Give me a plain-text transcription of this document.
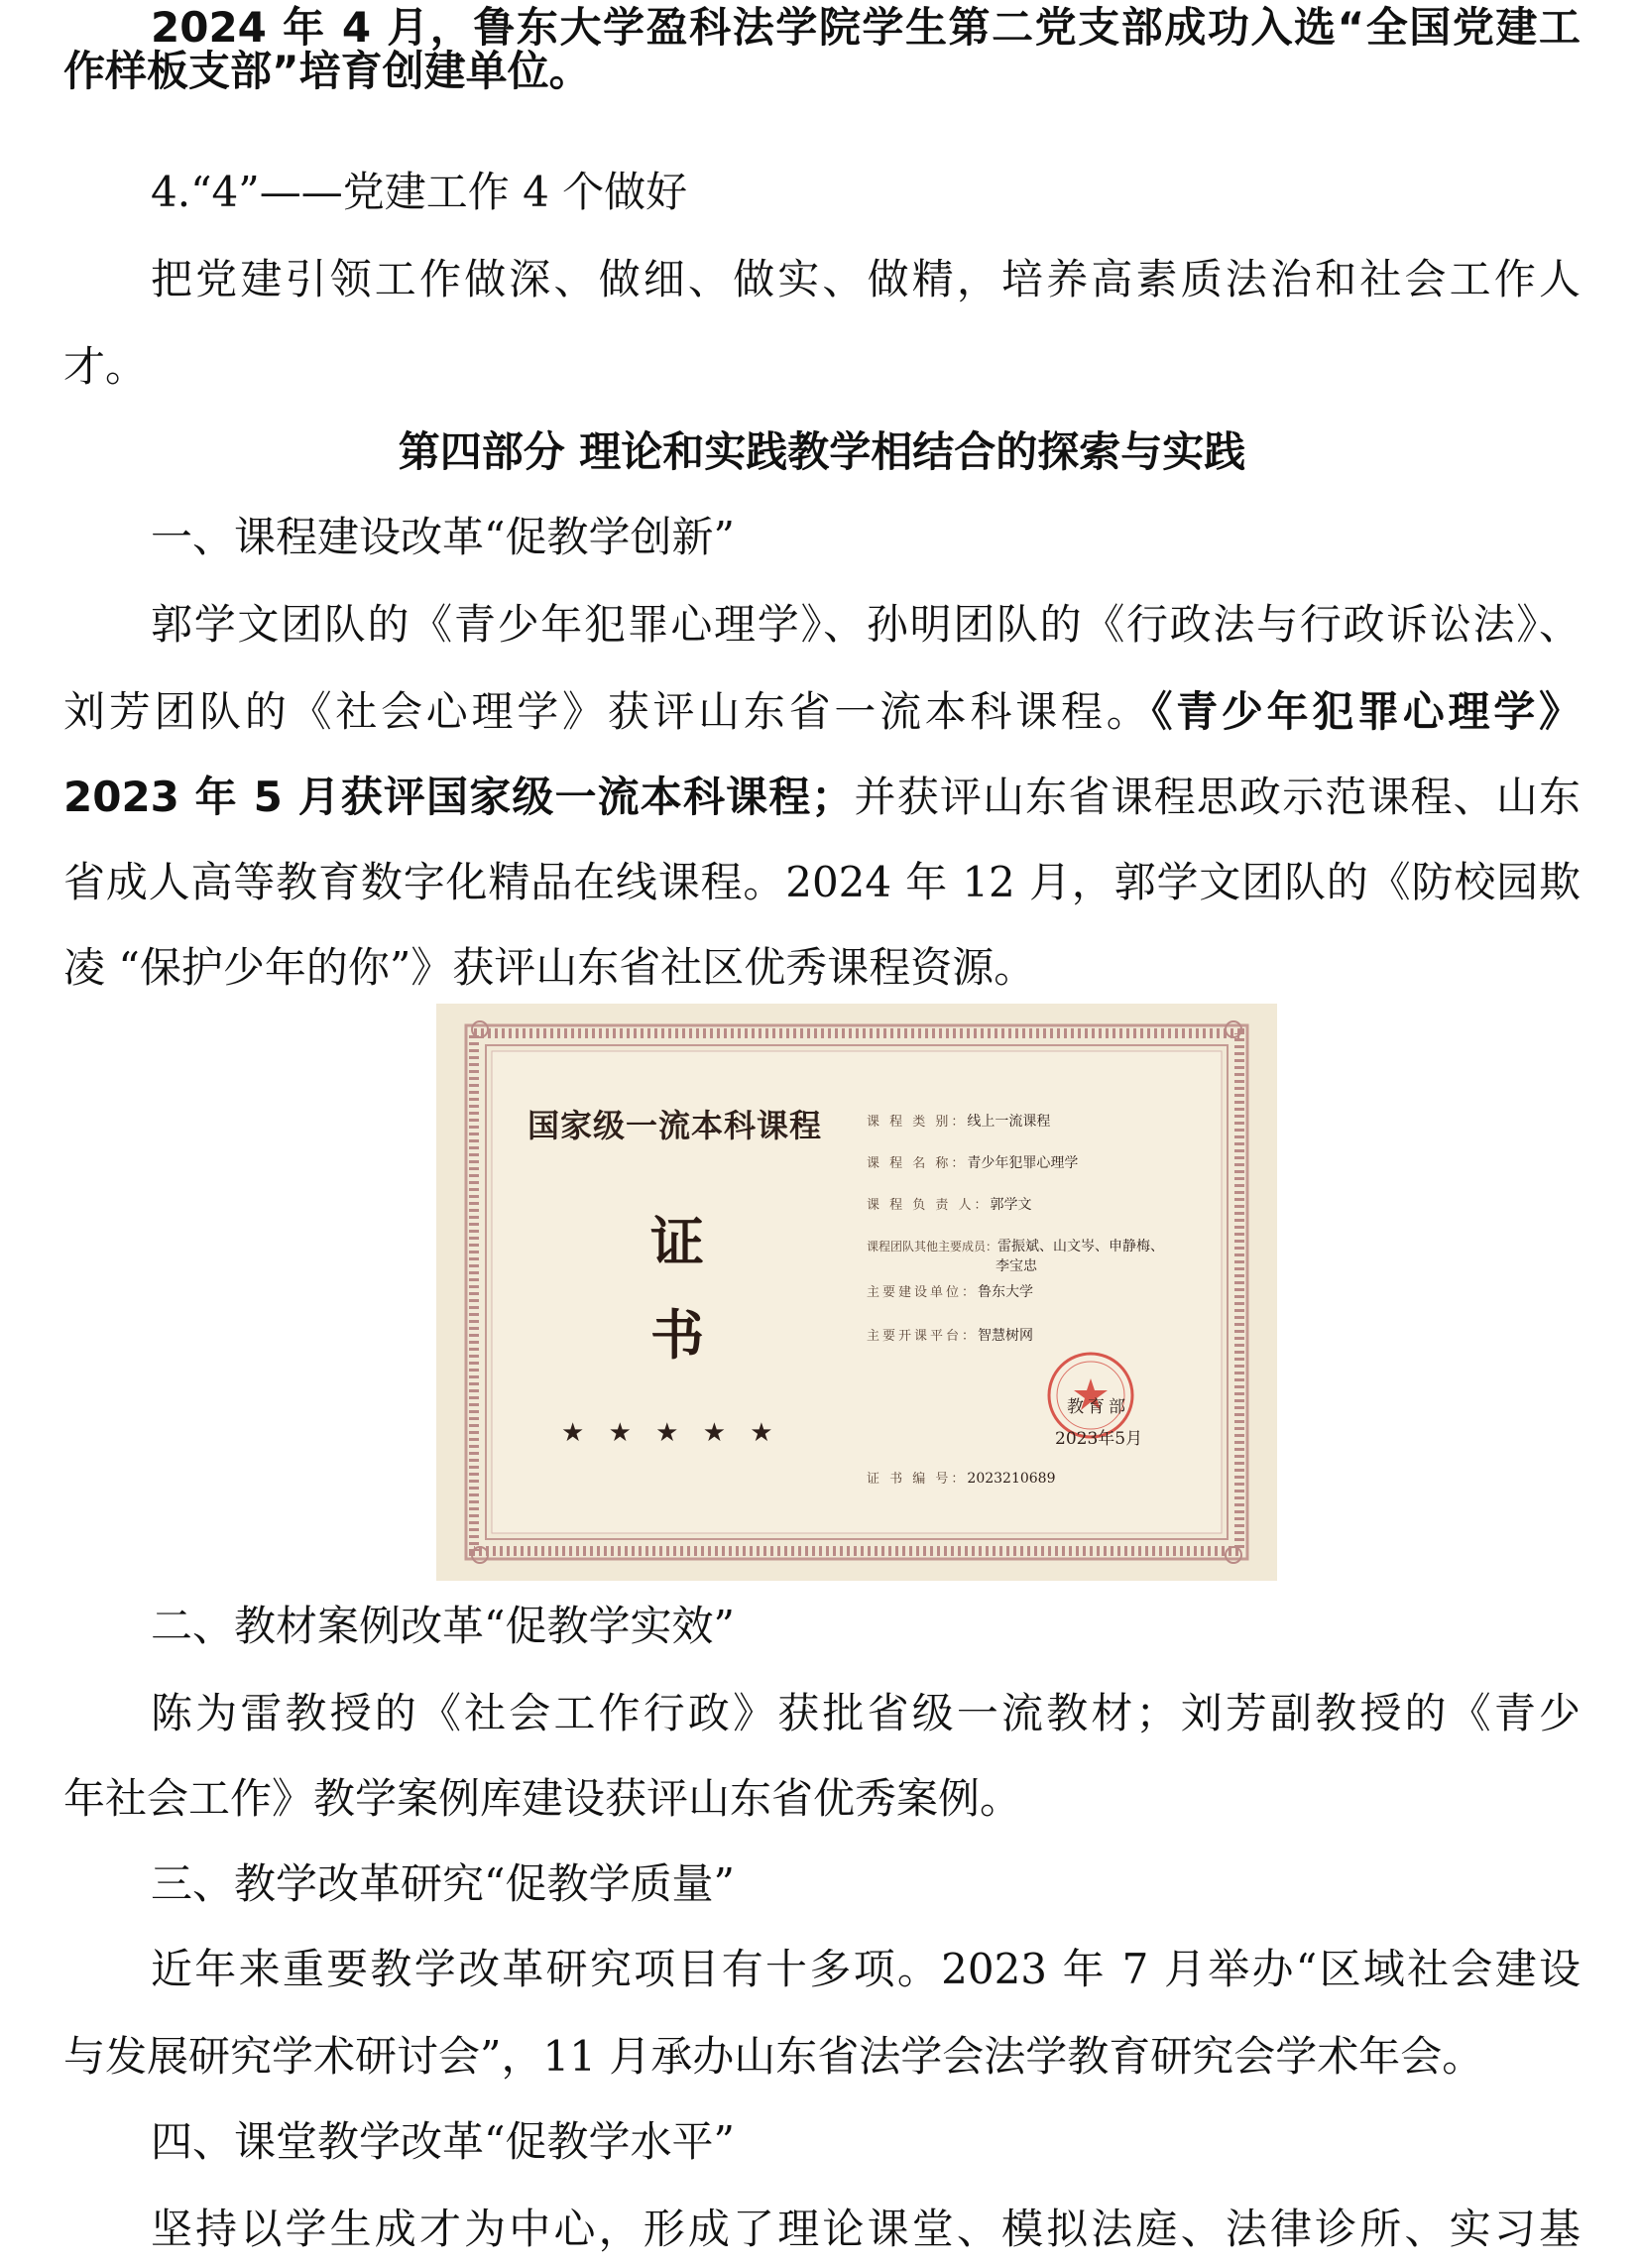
2024 年 4 月，鲁东大学盈科法学院学生第二党支部成功入选“全国党建工
作样板支部”培育创建单位。
4.“4”——党建工作 4 个做好
把党建引领工作做深、做细、做实、做精，培养高素质法治和社会工作人
才。
第四部分 理论和实践教学相结合的探索与实践
一、课程建设改革“促教学创新”
郭学文团队的《青少年犯罪心理学》、孙明团队的《行政法与行政诉讼法》、
刘芳团队的《社会心理学》获评山东省一流本科课程。《青少年犯罪心理学》
2023 年 5 月获评国家级一流本科课程；并获评山东省课程思政示范课程、山东
省成人高等教育数字化精品在线课程。2024 年 12 月，郭学文团队的《防校园欺
凌 “保护少年的你”》获评山东省社区优秀课程资源。
国家级一流本科课程
证
书
★ ★ ★ ★ ★
课 程 类 别：线上一流课程
课 程 名 称：青少年犯罪心理学
课 程 负 责 人：郭学文
课程团队其他主要成员：雷振斌、山文岑、申静梅、
李宝忠
主要建设单位：鲁东大学
主要开课平台：智慧树网
教育部
2023年5月
证 书 编 号：2023210689
二、教材案例改革“促教学实效”
陈为雷教授的《社会工作行政》获批省级一流教材；刘芳副教授的《青少
年社会工作》教学案例库建设获评山东省优秀案例。
三、教学改革研究“促教学质量”
近年来重要教学改革研究项目有十多项。2023 年 7 月举办“区域社会建设
与发展研究学术研讨会”，11 月承办山东省法学会法学教育研究会学术年会。
四、课堂教学改革“促教学水平”
坚持以学生成才为中心，形成了理论课堂、模拟法庭、法律诊所、实习基
